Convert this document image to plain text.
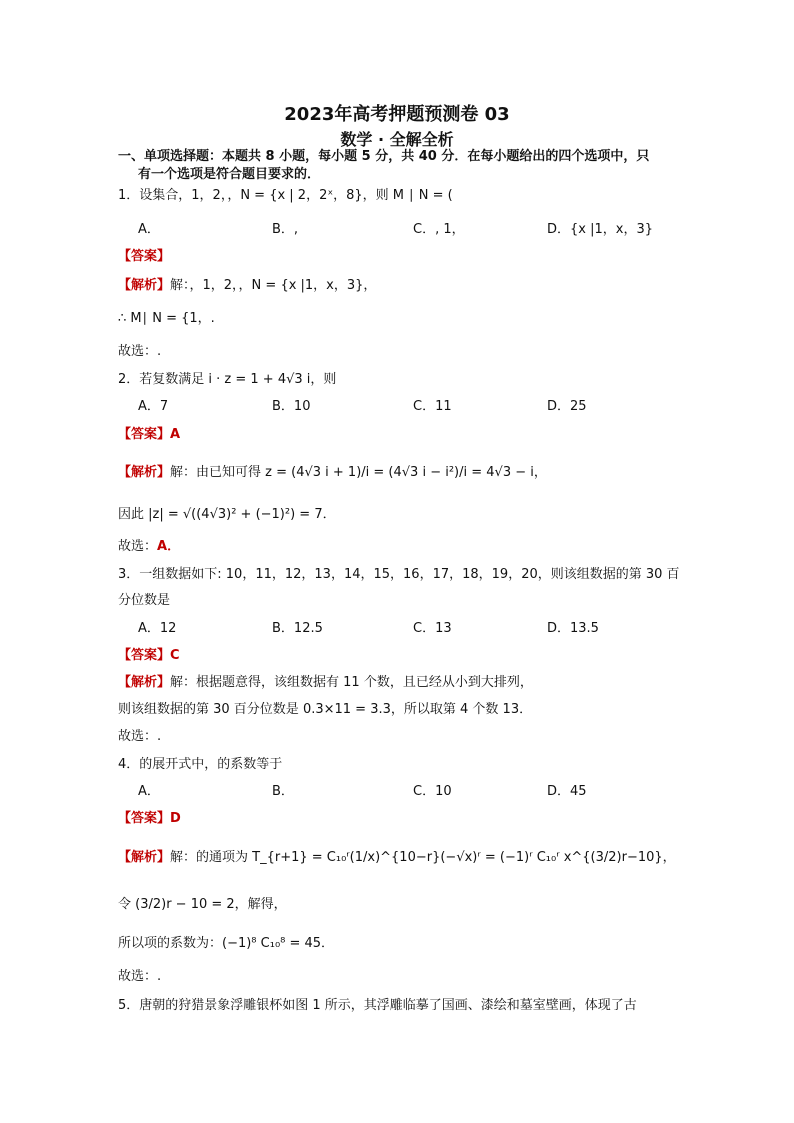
2023年高考押题预测卷 03
数学 · 全解全析
一、单项选择题：本题共 8 小题，每小题 5 分，共 40 分．在每小题给出的四个选项中，只
有一个选项是符合题目要求的．
1．设集合，1，2，，N = {x | 2，2ˣ，8}，则 M ∣ N = (
A．	B．,	C．, 1，	D．{x |1，x，3}
【答案】
【解析】解：，1，2，，N = {x |1，x，3}，
∴ M∣ N = {1，.
故选：.
2．若复数满足 i · z = 1 + 4√3 i，则
A．7	B．10	C．11	D．25
【答案】A
【解析】解：由已知可得 z = (4√3 i + 1)/i = (4√3 i − i²)/i = 4√3 − i，
因此 |z| = √((4√3)² + (−1)²) = 7．
故选：A．
3．一组数据如下: 10，11，12，13，14，15，16，17，18，19，20，则该组数据的第 30 百
分位数是
A．12	B．12.5	C．13	D．13.5
【答案】C
【解析】解：根据题意得，该组数据有 11 个数，且已经从小到大排列，
则该组数据的第 30 百分位数是 0.3×11 = 3.3，所以取第 4 个数 13．
故选：.
4．的展开式中，的系数等于
A．	B．	C．10	D．45
【答案】D
【解析】解：的通项为 T_{r+1} = C₁₀ʳ(1/x)^{10−r}(−√x)ʳ = (−1)ʳ C₁₀ʳ x^{(3/2)r−10}，
令 (3/2)r − 10 = 2，解得，
所以项的系数为：(−1)⁸ C₁₀⁸ = 45．
故选：.
5．唐朝的狩猎景象浮雕银杯如图 1 所示，其浮雕临摹了国画、漆绘和墓室壁画，体现了古
